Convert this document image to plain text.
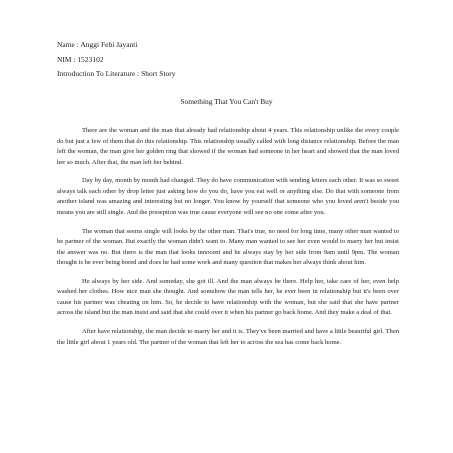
Name : Anggi Febi Jayanti
NIM : 1523102
Introduction To Literature : Short Story
Something That You Can't Buy

There are the woman and the man that already had relationship about 4 years. This relationship unlike the every couple do but just a few of them that do this relationship. This relationship usually called with long distance relationship. Before the man left the woman, the man give her golden ring that showed if the woman had someone in her heart and showed that the man loved her so much. After that, the man left her behind.

Day by day, month by month had changed. They do have communication with sending letters each other. It was so sweet always talk each other by drop letter just asking how do you do, have you eat well or anything else. Do that with someone from another island was amazing and interesting but no longer. You know by yourself that someone who you loved aren't beside you means you are still single. And the preseption was true cause everyone will see no one come after you.

The woman that seems single will looks by the other man. That's true, no need for long time, many other man wanted to be partner of the woman. But exactly the woman didn't want to. Many man wanted to see her even would to marry her but insist the answer was no. But there is the man that looks innocent and he always stay by her side from 9am until 9pm. The woman thought is he ever being bored and does he had some work and many question that makes her always think about him.

He always by her side. And someday, she got ill. And the man always be there. Help her, take care of her, even help washed her clothes. How nice man she thought. And somehow the man tells her, he ever been in relationship but it's been over cause his partner was cheating on him. So, he decide to have relationship with the woman, but she said that she have partner across the island but the man insist and said that she could over it when his partner go back home. And they make a deal of that.

After have relationship, the man decide to marry her and it is. They've been married and have a little beautiful girl. Then the little girl about 1 years old. The partner of the woman that left her to across the sea has come back home.
